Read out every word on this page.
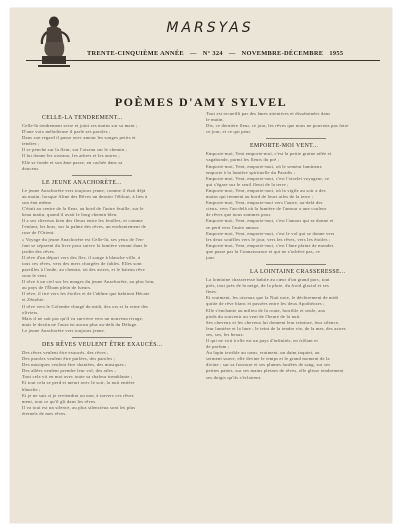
MARSYAS
TRENTE-CINQUIÈME ANNÉE — N° 324 — NOVEMBRE-DÉCEMBRE 1955
POÈMES D'AMY SYLVEL
CELLE-LA TENDREMENT...
Celle-là tendrement serre et joint ses mains sur sa main ;
D'une voix mélodieuse il parle ses paroles ;
Dans son regard il passe avec amour les songes petits et
tendres ;
Il se penche sur la fleur, sur l'oiseau sur le chemin ;
Il lui donne les oiseaux, les arbres et les autres ;
Elle se fonde et son âme passe, en cachée dans sa
douceur.
LE JEUNE ANACHORÈTE...
Le jeune Anachorète vers toujours jeune, comme il était déjà
au matin, lorsque Aline des Rêves un dernier l'ébloui, à lieu à
son état même.
C'était au centre de la fleur, au bord de l'autre feuille, sur le
beau matin, quand il avait le long chemin bleu.
Il a ses cheveux bien des fleurs entre les feuilles, et comme
l'enfant, les bras, sur la palme des rêves, un enchantement de
rose de l'Orient.
« Voyage du jeune Anachorète est Celle-là, ses yeux de l'en-
fant se séparent du livre pour suivre la lumière venant dans le
jardin des rêves.
Il rêve d'un départ vers des îles, il songe à blanche ville, à
tous ces rêves, vers des mers chargées de fables. Elles sont
pareilles à l'onde, au chemin, où des astres, et le bateau rêve
sous le vent.
Il rêve à un ciel sur les nuages du jeune Anachorète, au plus loin,
au pays de l'Ébam plein de lueurs.
Il rêve, il tire vers les étoiles et de l'abîme que habitent Hécate
et Zénobie.
Il rêve vers le Colombe chargé du midi, des ors et la reine des
oliviers.
Mais il ne sait pas qu'il va survivre vers un nouveau rivage,
mais le destin ne l'aura en aucun plus au-delà du Déluge.
Le jeune Anachorète vers toujours jeune.
DES RÊVES VEULENT ÊTRE EXAUCÉS...
Des rêves veulent être exaucés, des rêves ;
Des paroles veulent être parlées, des paroles ;
Des musiques veulent être chantées, des musiques ;
Des allées veulent prendre leur vol, des ailes ;
Tout cela vit en moi avec toute sa chaleur tremblante ;
Et tout cela se perd et meurt avec le soir, la nuit entière
blanche ;
Et je ne sais si je reviendrai ou non, à travers ces rêves
ment, tout ce qu'il gît dans les rêves.
Il va tout est un silence, au plus silencieux sont les plus
éternels de mes rêves.
Tout est recueilli par des âmes attentives et disséminées dans
le matin.
Dis, ce dernière fleur, ce jour, les rêves que nous ne pouvons pas faire
ce jour, et ce qui peut.
EMPORTE-MOI VENT...
Emporte-moi, Vent emporte-moi, c'est la petite graine ailée et
vagabonde, parmi les fleurs du pré ;
Emporte-moi, Vent, emporte-moi, où le semeur lumineux
emporte à la lumière spirituelle du Paradis ;
Emporte-moi, Vent, emporte-moi, c'est l'oiselet voyageur, ce
qui s'égare sur le seuil fleuri de la terre ;
Emporte-moi, Vent, emporte-moi, où la vigile au soir a des
mains qui tiennent au bord de leurs ailes de la terre ;
Emporte-moi, Vent, emporte-moi vers l'autre, au-delà des
cieux, vers l'au-delà où la lumière de l'amour a une couleur
de rêves que nous sommes pour.
Emporte-moi, Vent, emporte-moi, c'est l'amour qui se donne et
se perd vers l'autre amour.
Emporte-moi, Vent, emporte-moi, c'est le vol qui se donne vers
les deux souffles vers le jour, vers les rêves, vers les étoiles ;
Emporte-moi, Vent, emporte-moi, c'est l'âme plaine de mondes
que passe par la Connaissance et qui ne s'achève pas, ce
jour.
LA LOINTAINE CRASSERESSE...
La lointaine chasseresse habite au cœur d'un grand parc, tout
près, tout près de la neige, de la pluie, du froid glacial et ses
fines.
Et vraiment, les oiseaux que la Nuit noie, le déchirement de midi
quitte de rêve blanc et passées entre les deux Apothéoses ;
Elle s'enchante au milieu de la route, horrible et seule, aux
pieds du souvenir au vent de l'heure de la nuit.
Ses cheveux et les cheveux lui donnent leur teinture, leur silence,
leur lumière et la lune ; le teint de la tendre vie, de la mer, des astres
ses, ses, les beaux.
Il qui ne voit à elle est un pays d'infinités, en frôlant et
de parfum ;
Au lapin terrible au cœur, vraiment, un daim inquiet, au
serment suave, elle devine le temps et le grand moment de la
divine ; sur sa fourrure et ses plumes fardées de sang, sur ses
petites pattes, sur ses mains pleines de rêves, elle glisse tendrement
ses doigts qu'ils s'éclairent.
